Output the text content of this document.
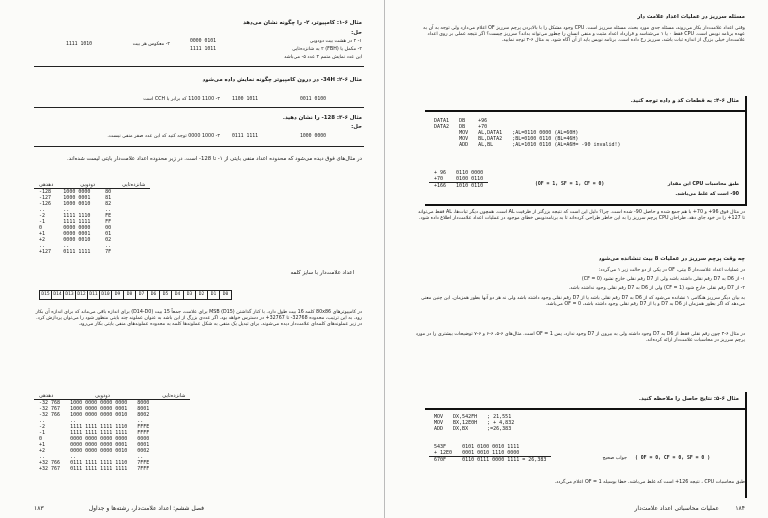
مثال ۶-۱: کامپیوتر، ۲- را چگونه نشان می‌دهد
حل:
۱- ۲ در هشت بیت دودویی
۲- مکمل یا (FBH) ۲ به شانزده‌تایی
این عدد نمایش متمم ۲ عدد ۵- می‌باشد
0000 0101
1111 1011
1111 1010	۲- معکوس هر بیت
مثال ۶-۲: 34H- در درون کامپیوتر چگونه نمایش داده می‌شود
0011 0100
1100 1011
۳- 1100 1100 که برابر با CCH است
مثال ۶-۳: 128- را نشان دهید.
حل:
1000 0000
0111 1111
۳- 1000 0000 توجه کنید که این عدد صفر منفی نیست.
در مثال‌های فوق دیده می‌شود که محدوده اعداد منفی بایتی از ۱- تا 128- است. در زیر محدوده اعداد علامت‌دار بایتی لیست شده‌اند.
دهدهی	دودویی	شانزده‌تایی
-128	1000 0000	80
-127	1000 0001	81
-126	1000 0010	82
..	..	..
-2	1111 1110	FE
-1	1111 1111	FF
0	0000 0000	00
+1	0000 0001	01
+2	0000 0010	02
..	..	..
+127	0111 1111	7F
اعداد علامت‌دار با سایز کلمه
D15 D14 D13 D12 D11 D10	D9	D8	D7	D6	D5	D4	D3	D2	D1	D0
در کامپیوترهای 80x86 کلمه 16 بیت طول دارد. با کنار گذاشتن MSB (D15) برای علامت، جمعاً 15 بیت (D14-D0) برای اندازه باقی می‌ماند که برای اندازه آن بکار رود. به این ترتیب، محدوده 32768- تا 32767+ در دسترس خواهد بود. اگر عددی بزرگ از این باشد به عنوان عملوند چند بایتی منظور شود را می‌توان پردازش کرد. در زیر عملوندهای کلمه‌ای علامت‌دار دیده می‌شوند. برای تبدیل یک منفی به شکل عملوندها کلمه به محدوده عملوندهای منفی بایتی بکار می‌رود.
دهدهی	دودویی	شانزده‌تایی
-32 768	1000 0000 0000 0000	8000
-32 767	1000 0000 0000 0001	8001
-32 766	1000 0000 0000 0010	8002
..	..	..
-2	1111 1111 1111 1110	FFFE
-1	1111 1111 1111 1111	FFFF
0	0000 0000 0000 0000	0000
+1	0000 0000 0000 0001	0001
+2	0000 0000 0000 0010	0002
..	..	..
+32 766	0111 1111 1111 1110	7FFE
+32 767	0111 1111 1111 1111	7FFF
۱۸۳	فصل ششم: اعداد علامت‌دار، رشته‌ها و جداول
مسئله سرریز در عملیات اعداد علامت دار
وقتی اعداد علامت‌دار بکار می‌روند، مسئله جدی مورد بحث، مسئله سرریز است. CPU وجود مشکل را با بالابردن پرچم سرریز OF اعلام می‌دارد ولی توجه به آن به عهده برنامه نویس است. CPU فقط ۰ یا ۱ می‌شناسد و قرارداد اعداد مثبت و منفی انسان را چطور می‌تواند بداند؟ سرریز چیست؟ اگر نتیجه عملی بر روی اعداد علامت‌دار خیلی بزرگ از اندازه ثبات باشد، سرریز رخ داده است. برنامه نویس باید از آن آگاه شود. به مثال ۶-۴ توجه نمایید.
مثال ۶-۴: به قطعات کد و داده توجه کنید.
DATA1	DB	+96	
DATA2	DB	+70	
	MOV	AL,DATA1	;AL=0110 0000 (AL=60H)
	MOV	BL,DATA2	;BL=0100 0110 (BL=46H)
	ADD	AL,BL	;AL=1010 0110 (AL=A6H= -90 invalid!)
+ 96	0110 0000
+70	0100 0110
+166	1010 0110	(OF = 1, SF = 1, CF = 0)	طبق محاسبات CPU این مقدار
90- است که غلط می‌باشد.
در مثال فوق 96+ و 70+ با هم جمع شده و حاصل 90- شده است. چرا؟ دلیل این است که نتیجه بزرگتر از ظرفیت AL است. همچون دیگر ثبات‌ها، AL فقط می‌تواند تا 127+ را در خود جای دهد. طراحان CPU پرچم سرریز را به این خاطر طراحی کرده‌اند تا به برنامه‌نویس خطای موجود در عملیات اعداد علامت‌دار اطلاع داده شود.
چه وقت پرچم سرریز در عملیات 8 بیت تنشانده می‌شود
در عملیات اعداد علامت‌دار 8 بیتی، OF در یکی از دو حالت زیر ۱ می‌گردد:
۱- از D6 به D7 رقم نقلی داشته باشد ولی از D7 رقم نقلی خارج نشود (CF = 0)
۲- از D7 رقم نقلی خارج شود (CF = 1) ولی از D6 به D7 رقم نقلی وجود نداشته باشد.
به بیان دیگر سرریز هنگامی ۱ نشانده می‌شود که از D6 به D7 رقم نقلی باشد یا از D7 رقم نقلی وجود داشته باشد ولی نه هر دو آنها بطور همزمان. این چنین معنی می‌دهد که اگر بطور همزمان از D6 به D7 و یا از D7 رقم نقلی وجود داشته باشد، OF = 0 می‌باشد.
در مثال ۶-۴ چون رقم نقلی فقط از D6 به D7 وجود داشته ولی به بیرون از D7 وجود ندارد، پس OF = 1 است. مثال‌های ۶-۵، ۶-۶ و ۶-۷ توضیحات بیشتری را در مورد پرچم سرریز در محاسبات علامت‌دار ارائه کرده‌اند.
مثال ۶-۵: نتایج حاصل را ملاحظه کنید.
MOV	DX,542FH	; 21,551
MOV	BX,12E0H	; + 4,832
ADD	DX,BX	;=26,383
543F	0101 0100 0010 1111
+ 12E0	0001 0010 1110 0000
670F	0110 0111 0000 1111 = 26,383	( OF = 0, CF = 0, SF = 0 )
جواب صحیح
طبق محاسبات CPU ، نتیجه 126+ است که غلط می‌باشد. خطا بوسیله 1 = OF اعلام می‌گردد.
۱۸۴
عملیات محاسباتی اعداد علامت‌دار
